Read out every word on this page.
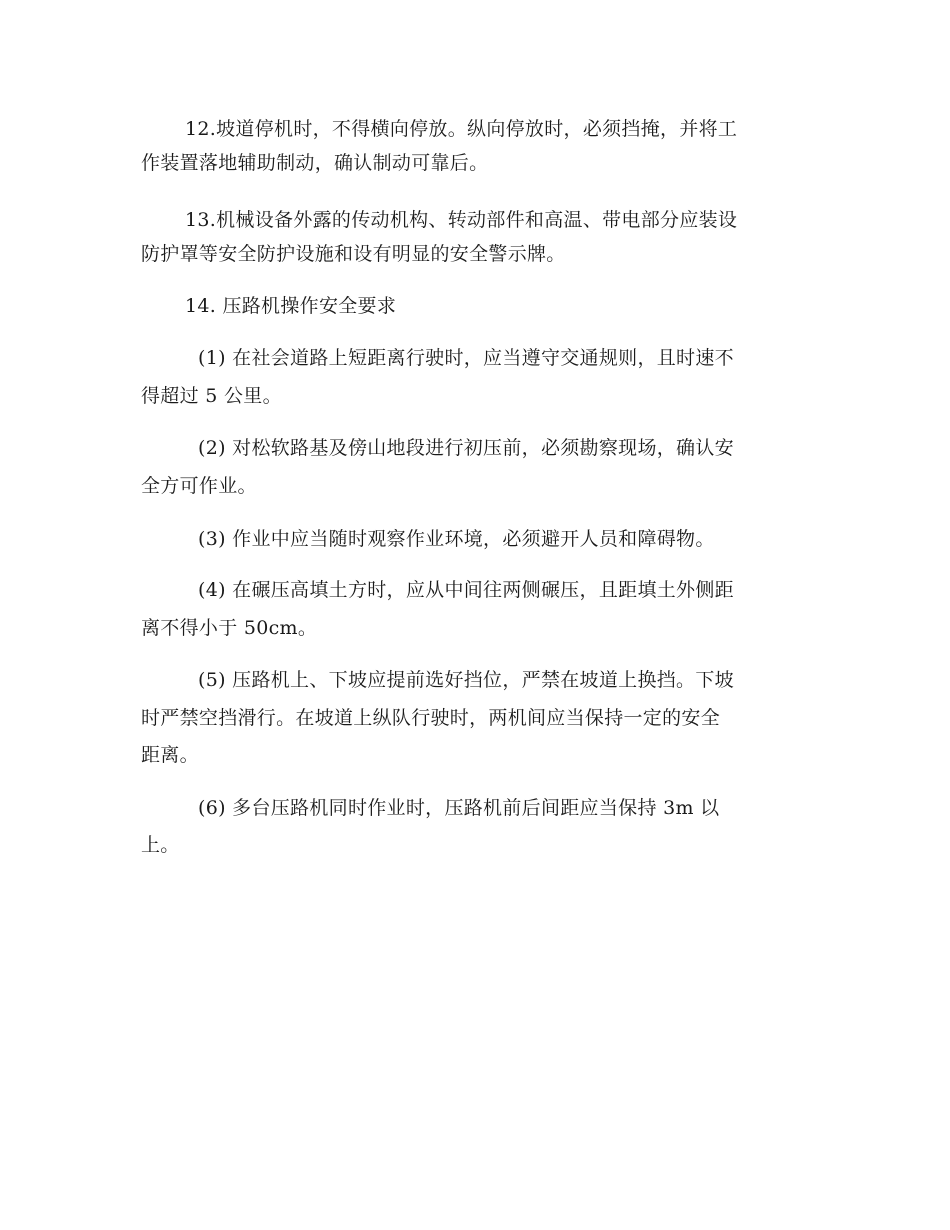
12.坡道停机时，不得横向停放。纵向停放时，必须挡掩，并将工
作装置落地辅助制动，确认制动可靠后。
13.机械设备外露的传动机构、转动部件和高温、带电部分应装设
防护罩等安全防护设施和设有明显的安全警示牌。
14. 压路机操作安全要求
(1) 在社会道路上短距离行驶时，应当遵守交通规则，且时速不
得超过 5 公里。
(2) 对松软路基及傍山地段进行初压前，必须勘察现场，确认安
全方可作业。
(3) 作业中应当随时观察作业环境，必须避开人员和障碍物。
(4) 在碾压高填土方时，应从中间往两侧碾压，且距填土外侧距
离不得小于 50cm。
(5) 压路机上、下坡应提前选好挡位，严禁在坡道上换挡。下坡
时严禁空挡滑行。在坡道上纵队行驶时，两机间应当保持一定的安全
距离。
(6) 多台压路机同时作业时，压路机前后间距应当保持 3m 以
上。
